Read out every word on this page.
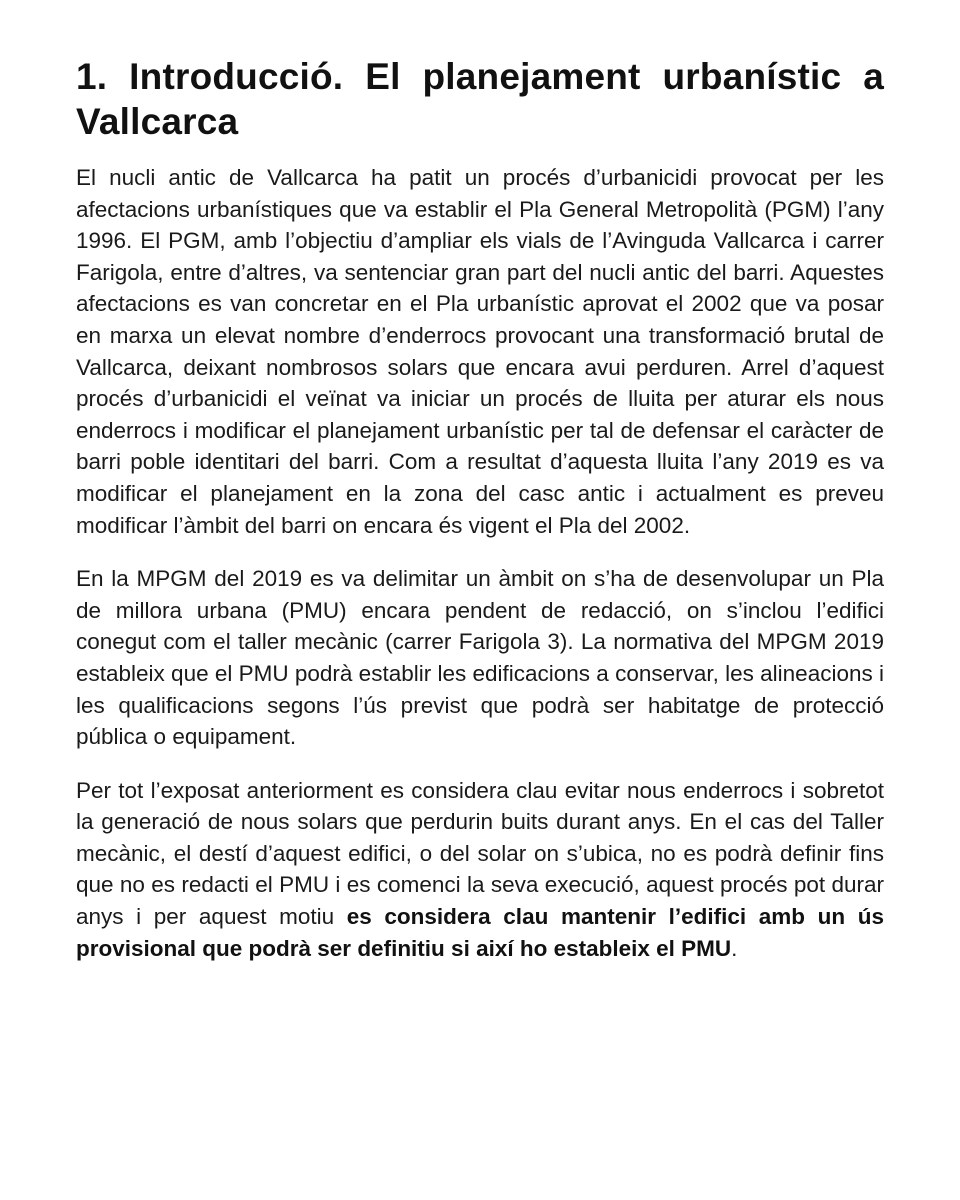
1. Introducció. El planejament urbanístic a Vallcarca

El nucli antic de Vallcarca ha patit un procés d’urbanicidi provocat per les afectacions urbanístiques que va establir el Pla General Metropolità (PGM) l’any 1996. El PGM, amb l’objectiu d’ampliar els vials de l’Avinguda Vallcarca i carrer Farigola, entre d’altres, va sentenciar gran part del nucli antic del barri. Aquestes afectacions es van concretar en el Pla urbanístic aprovat el 2002 que va posar en marxa un elevat nombre d’enderrocs provocant una transformació brutal de Vallcarca, deixant nombrosos solars que encara avui perduren. Arrel d’aquest procés d’urbanicidi el veïnat va iniciar un procés de lluita per aturar els nous enderrocs i modificar el planejament urbanístic per tal de defensar el caràcter de barri poble identitari del barri. Com a resultat d’aquesta lluita l’any 2019 es va modificar el planejament en la zona del casc antic i actualment es preveu modificar l’àmbit del barri on encara és vigent el Pla del 2002.

En la MPGM del 2019 es va delimitar un àmbit on s’ha de desenvolupar un Pla de millora urbana (PMU) encara pendent de redacció, on s’inclou l’edifici conegut com el taller mecànic (carrer Farigola 3). La normativa del MPGM 2019 estableix que el PMU podrà establir les edificacions a conservar, les alineacions i les qualificacions segons l’ús previst que podrà ser habitatge de protecció pública o equipament.

Per tot l’exposat anteriorment es considera clau evitar nous enderrocs i sobretot la generació de nous solars que perdurin buits durant anys. En el cas del Taller mecànic, el destí d’aquest edifici, o del solar on s’ubica, no es podrà definir fins que no es redacti el PMU i es comenci la seva execució, aquest procés pot durar anys i per aquest motiu es considera clau mantenir l’edifici amb un ús provisional que podrà ser definitiu si així ho estableix el PMU.
